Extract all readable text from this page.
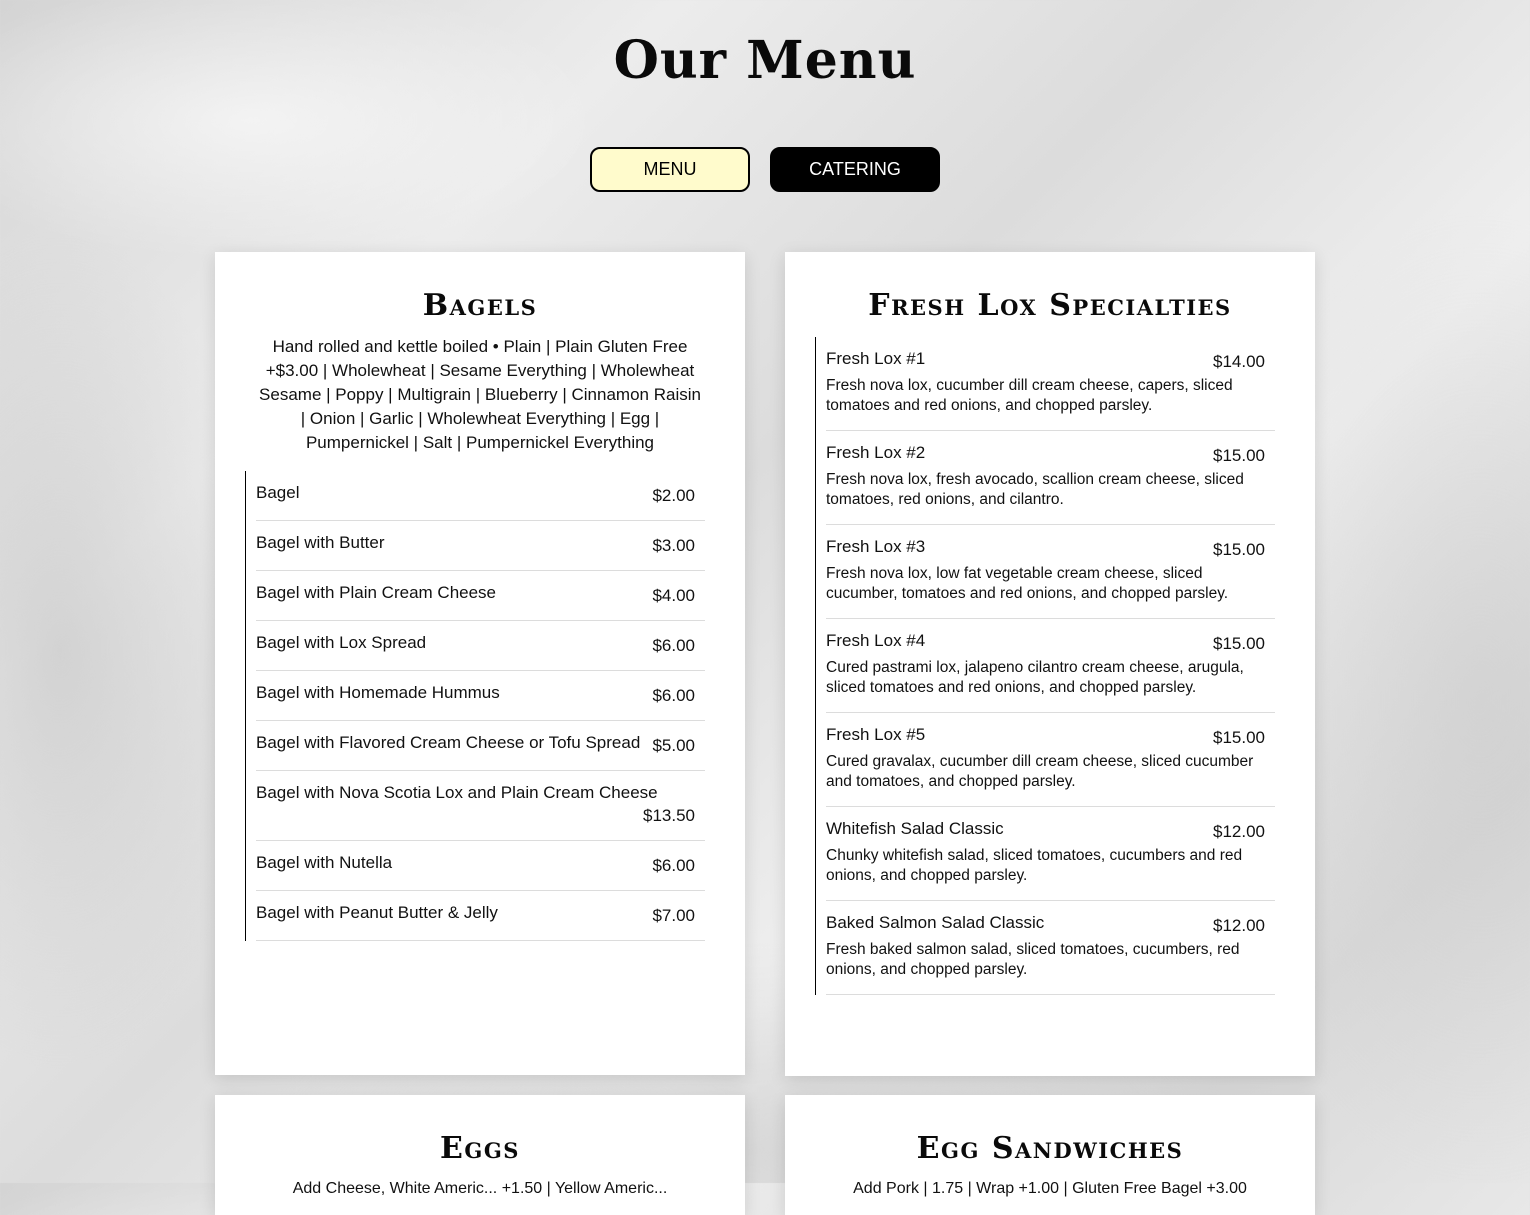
Our Menu
MENU	CATERING
Bagels

Hand rolled and kettle boiled • Plain | Plain Gluten Free +$3.00 | Wholewheat | Sesame Everything | Wholewheat Sesame | Poppy | Multigrain | Blueberry | Cinnamon Raisin | Onion | Garlic | Wholewheat Everything | Egg | Pumpernickel | Salt | Pumpernickel Everything

Bagel	$2.00
Bagel with Butter	$3.00
Bagel with Plain Cream Cheese	$4.00
Bagel with Lox Spread	$6.00
Bagel with Homemade Hummus	$6.00
Bagel with Flavored Cream Cheese or Tofu Spread $5.00
Bagel with Nova Scotia Lox and Plain Cream Cheese
$13.50
Bagel with Nutella	$6.00
Bagel with Peanut Butter & Jelly	$7.00
Fresh Lox Specialties
Fresh Lox #1	$14.00
Fresh nova lox, cucumber dill cream cheese, capers, sliced tomatoes and red onions, and chopped parsley.
Fresh Lox #2	$15.00
Fresh nova lox, fresh avocado, scallion cream cheese, sliced tomatoes, red onions, and cilantro.
Fresh Lox #3	$15.00
Fresh nova lox, low fat vegetable cream cheese, sliced cucumber, tomatoes and red onions, and chopped parsley.
Fresh Lox #4	$15.00
Cured pastrami lox, jalapeno cilantro cream cheese, arugula, sliced tomatoes and red onions, and chopped parsley.
Fresh Lox #5	$15.00
Cured gravalax, cucumber dill cream cheese, sliced cucumber and tomatoes, and chopped parsley.
Whitefish Salad Classic	$12.00
Chunky whitefish salad, sliced tomatoes, cucumbers and red onions, and chopped parsley.
Baked Salmon Salad Classic	$12.00
Fresh baked salmon salad, sliced tomatoes, cucumbers, red onions, and chopped parsley.
Eggs
Add Cheese, White Americ... +1.50 | Yellow Americ...
Egg Sandwiches
Add Pork | 1.75 | Wrap +1.00 | Gluten Free Bagel +3.00
